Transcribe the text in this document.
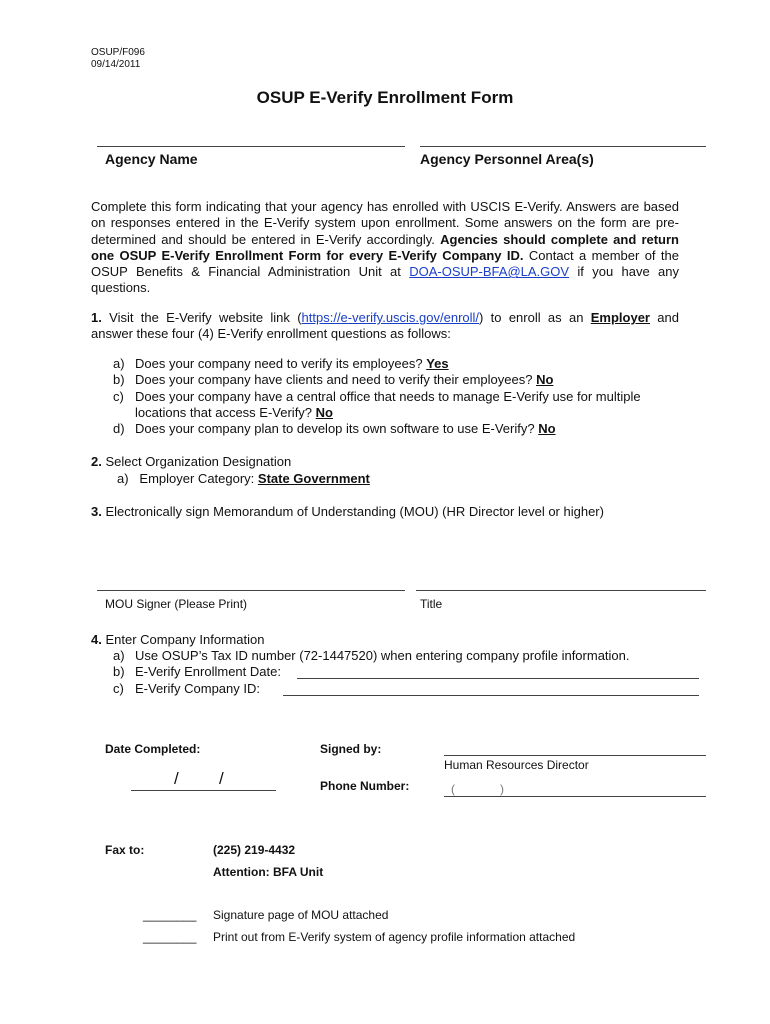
OSUP/F096
09/14/2011
OSUP E-Verify Enrollment Form
Agency Name	Agency Personnel Area(s)
Complete this form indicating that your agency has enrolled with USCIS E-Verify. Answers are based on responses entered in the E-Verify system upon enrollment. Some answers on the form are pre-determined and should be entered in E-Verify accordingly. Agencies should complete and return one OSUP E-Verify Enrollment Form for every E-Verify Company ID. Contact a member of the OSUP Benefits & Financial Administration Unit at DOA-OSUP-BFA@LA.GOV if you have any questions.
1. Visit the E-Verify website link (https://e-verify.uscis.gov/enroll/) to enroll as an Employer and answer these four (4) E-Verify enrollment questions as follows:
a) Does your company need to verify its employees? Yes
b) Does your company have clients and need to verify their employees? No
c) Does your company have a central office that needs to manage E-Verify use for multiple locations that access E-Verify? No
d) Does your company plan to develop its own software to use E-Verify? No
2. Select Organization Designation
a) Employer Category: State Government
3. Electronically sign Memorandum of Understanding (MOU) (HR Director level or higher)
MOU Signer (Please Print)	Title
4. Enter Company Information
a) Use OSUP’s Tax ID number (72-1447520) when entering company profile information.
b) E-Verify Enrollment Date:
c) E-Verify Company ID:
Date Completed:	Signed by:
Human Resources Director
/ /	Phone Number:	(	)
Fax to:	(225) 219-4432
Attention: BFA Unit
________ Signature page of MOU attached
________ Print out from E-Verify system of agency profile information attached
